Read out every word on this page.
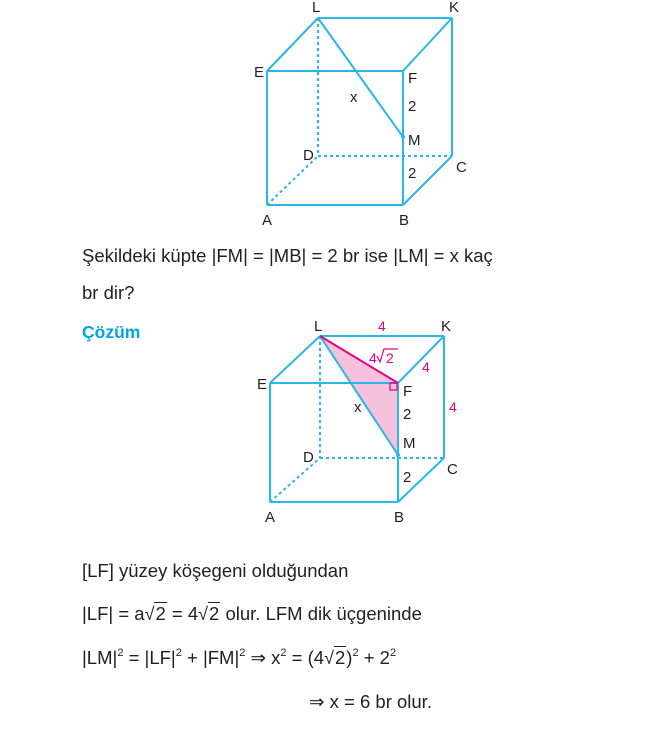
L	K
E	F
x
2
M
D
2	C
A	B
L	4	K
4 2
4
E	F
x	2	4
M
D
2 C
A	B
Şekildeki küpte |FM| = |MB| = 2 br ise |LM| = x kaç
br dir?
Çözüm
[LF] yüzey köşegeni olduğundan
|LF| = a√2 = 4√2 olur. LFM dik üçgeninde
$|LM|^2 = |LF|^2 + |FM|^2$ ⇒ $x^2 = (4√2)^2 + 2^2$
⇒ x = 6 br olur.
